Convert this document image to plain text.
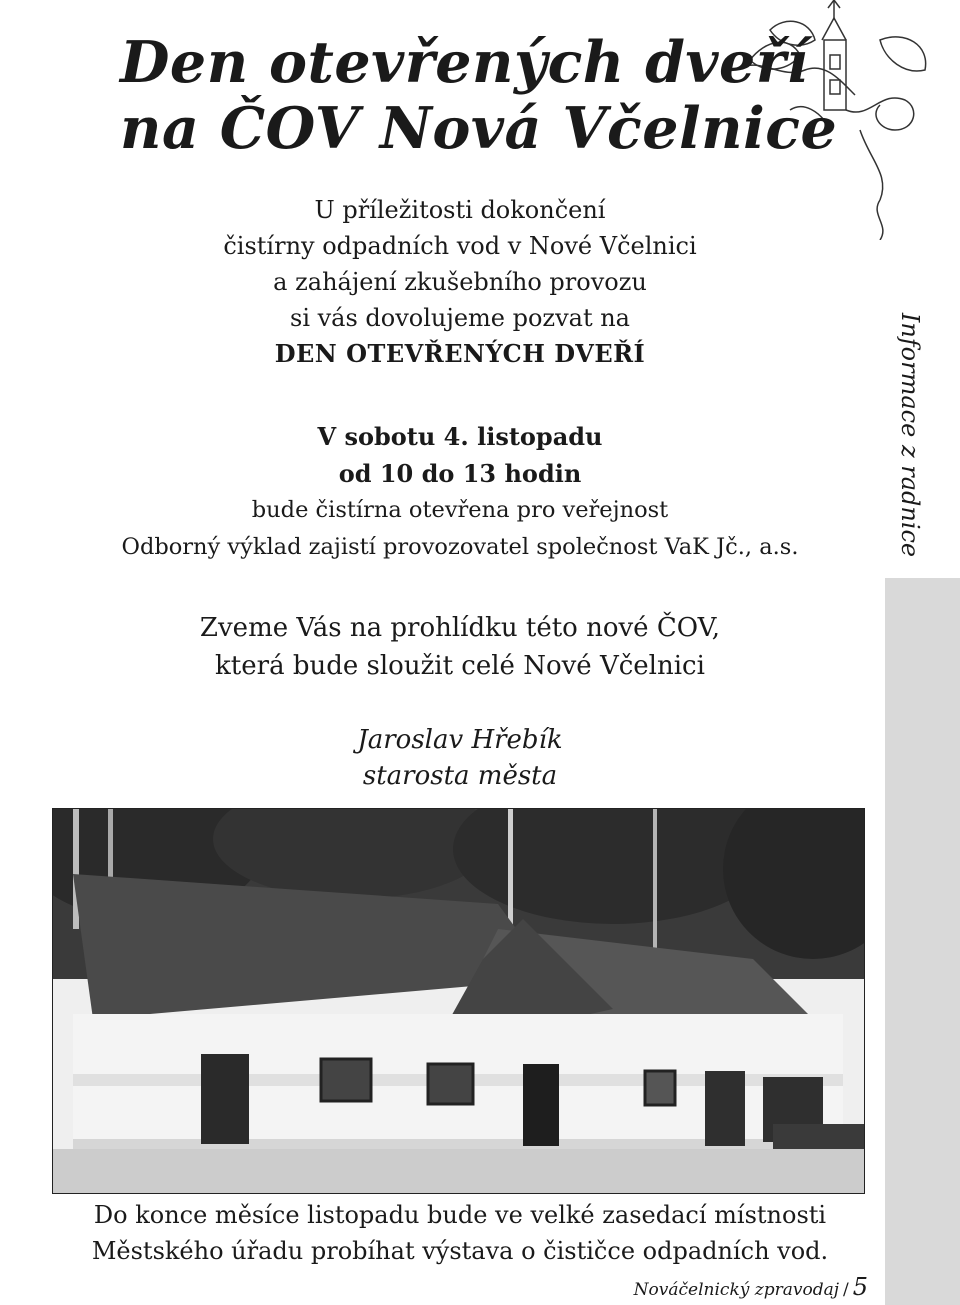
Informace z radnice
Den otevřených dveří
na ČOV Nová Včelnice
U příležitosti dokončení
čistírny odpadních vod v Nové Včelnici
a zahájení zkušebního provozu
si vás dovolujeme pozvat na
DEN OTEVŘENÝCH DVEŘÍ
V sobotu 4. listopadu
od 10 do 13 hodin
bude čistírna otevřena pro veřejnost
Odborný výklad zajistí provozovatel společnost VaK Jč., a.s.
Zveme Vás na prohlídku této nové ČOV,
která bude sloužit celé Nové Včelnici
Jaroslav Hřebík
starosta města
Do konce měsíce listopadu bude ve velké zasedací místnosti
Městského úřadu probíhat výstava o čističce odpadních vod.
Nováčelnický zpravodaj / 5
